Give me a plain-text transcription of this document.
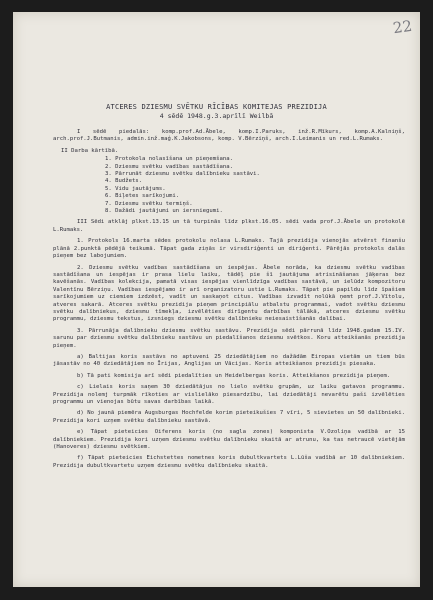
22
ATCERES DZIESMU SVĒTKU RĪCĪBAS KOMITEJAS PREZIDIJA
4 sēdē 1948.g.3.aprīlī Weilbā

I sēdē piedalās: komp.prof.Ad.Ābele, komp.I.Paruks, inž.R.Mīkurs, komp.A.Kalniņš, arch.prof.J.Butmanis, admin.inž.maģ.K.Jakobsons, komp. V.Bērziņš, arch.I.Leimanis un red.L.Rumaks.

II Darba kārtībā.
1. Protokola nolasīšana un pieņemšana.
2. Dziesmu svētku vadības sastādīšana.
3. Pārrunāt dziesmu svētku dalībnieku sastāvi.
4. Budžets.
5. Vidu jautājums.
6. Biļetes sarīkojumi.
7. Dziesmu svētku termiņš.
8. Dažādi jautājumi un iersniegumi.

III Sēdi atklāj plkst.13.15 un tā turpinās līdz plkst.16.05. sēdi vada prof.J.Ābele un protokolē L.Rumaks.

1. Protokols 16.marta sēdes protokolu nolasa L.Rumaks. Tajā prezidija vienojās atvērst finanšu plānā 2.punktā pēdējā teikumā. Tāpat gada ziņās ir virsdiriģenti un diriģenti. Pārējās protokols dalās pieņem bez labojumiem.

2. Dziesmu svētku vadības sastādīšana un iespējas. Ābele norāda, ka dziesmu svētku vadības sastādīšana un iespējas ir prasa lielu laiku, tādēļ pie šī jautājuma atrisināšanas jāķeras bez kavēšanās. Vadības kolekcija, pamatā visas iespējas vienlīdzīga vadības sastāvā, un ielūdz kompozitoru Valentīnu Bērziņu. Vadības iespējamo ir arī organizatoru ustie L.Rumaks. Tāpat pie papildu līdz īpašiem sarīkojumiem uz ciemiem izdzēst, vadīt un saskaņot citus. Vadības izvadīt nolūkā ņemt prof.J.Vītolu, atveres sakarā. Atceres svētku prezidija pieņem principiālu atbalstu programmai, vadot svētku dziesmu svētku dalībniekus, dziesmu tīmekļa, izvēlēties dirīgentu darbības tālākā, atceres dziesmu svētku programmu, dziesmu tekstus, izsniegs dziesmu svētku dalībnieku neiesaistīšanās dalībai.

3. Pārrunāja dalībnieku dziesmu svētku sastāvu. Prezidija sēdi pārrunā līdz 1948.gadam 15.IV. sarunu par dziesmu svētku dalībnieku sastāvu un piedalīšanos dziesmu svētkos. Koru atteikšanās prezidija pieņem.

a) Baltijas koris sastāvs no aptuveni 25 dziedātājiem no dažādām Eiropas vietām un tiem būs jāsastāv no 40 dziedātājiem no Īrijas, Anglijas un Vācijas. Koris atteikšanos prezidijs piesaka.

b) Tā pati komisija arī sēdi piedalīties un Heidelbergas koris. Atteikšanos prezidija pieņem.

c) Lielais koris saņem 30 dziedātājus no lielo svētku grupām, uz laiku gatavos programmu. Prezidija nolemj turpmāk rīkoties ar vislielāko piesardzību, lai dziedātāji nevarētu paši izvēlēties programmu un vienojas būtu savas darbības laikā.

d) No jaunā piemēra Augsburgas Hochfelde korim pieteikušies 7 vīri, 5 sievietes un 50 dalībnieki. Prezidija kori uzņem svētku dalībnieku sastāvā.

e) Tāpat pieteicies Oiferens koris (no sagla zones) komponista V.Ozoliņa vadībā ar 15 dalībniekiem. Prezidija kori uzņem dziesmu svētku dalībnieku skaitā ar atrunu, ka tas netraucē vietējām (Hanoveres) dziesmu svētkiem.

f) Tāpat pieteicies Eichstettes nometnes koris dubultkvartets L.Lūša vadībā ar 10 dalībniekiem. Prezidija dubultkvartetu uzņem dziesmu svētku dalībnieku skaitā.
